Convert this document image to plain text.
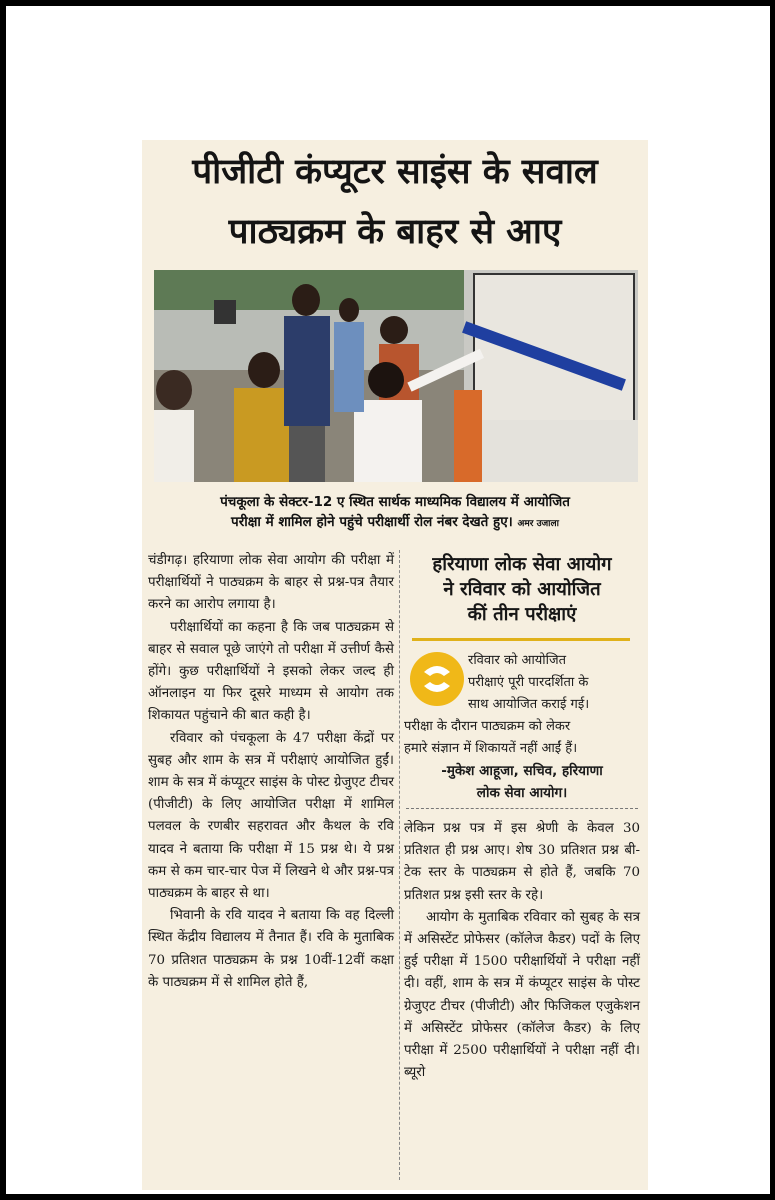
पीजीटी कंप्यूटर साइंस के सवाल
पाठ्यक्रम के बाहर से आए
पंचकूला के सेक्टर-12 ए स्थित सार्थक माध्यमिक विद्यालय में आयोजित
परीक्षा में शामिल होने पहुंचे परीक्षार्थी रोल नंबर देखते हुए। अमर उजाला

चंडीगढ़। हरियाणा लोक सेवा आयोग की परीक्षा में परीक्षार्थियों ने पाठ्यक्रम के बाहर से प्रश्न-पत्र तैयार करने का आरोप लगाया है।

परीक्षार्थियों का कहना है कि जब पाठ्यक्रम से बाहर से सवाल पूछे जाएंगे तो परीक्षा में उत्तीर्ण कैसे होंगे। कुछ परीक्षार्थियों ने इसको लेकर जल्द ही ऑनलाइन या फिर दूसरे माध्यम से आयोग तक शिकायत पहुंचाने की बात कही है।

रविवार को पंचकूला के 47 परीक्षा केंद्रों पर सुबह और शाम के सत्र में परीक्षाएं आयोजित हुईं। शाम के सत्र में कंप्यूटर साइंस के पोस्ट ग्रेजुएट टीचर (पीजीटी) के लिए आयोजित परीक्षा में शामिल पलवल के रणबीर सहरावत और कैथल के रवि यादव ने बताया कि परीक्षा में 15 प्रश्न थे। ये प्रश्न कम से कम चार-चार पेज में लिखने थे और प्रश्न-पत्र पाठ्यक्रम के बाहर से था।

भिवानी के रवि यादव ने बताया कि वह दिल्ली स्थित केंद्रीय विद्यालय में तैनात हैं। रवि के मुताबिक 70 प्रतिशत पाठ्यक्रम के प्रश्न 10वीं-12वीं कक्षा के पाठ्यक्रम में से शामिल होते हैं,

हरियाणा लोक सेवा आयोग
ने रविवार को आयोजित
कीं तीन परीक्षाएं
रविवार को आयोजित
परीक्षाएं पूरी पारदर्शिता के
साथ आयोजित कराई गई।
परीक्षा के दौरान पाठ्यक्रम को लेकर
हमारे संज्ञान में शिकायतें नहीं आईं हैं।
-मुकेश आहूजा, सचिव, हरियाणा
लोक सेवा आयोग।

लेकिन प्रश्न पत्र में इस श्रेणी के केवल 30 प्रतिशत ही प्रश्न आए। शेष 30 प्रतिशत प्रश्न बी-टेक स्तर के पाठ्यक्रम से होते हैं, जबकि 70 प्रतिशत प्रश्न इसी स्तर के रहे।

आयोग के मुताबिक रविवार को सुबह के सत्र में असिस्टेंट प्रोफेसर (कॉलेज कैडर) पदों के लिए हुई परीक्षा में 1500 परीक्षार्थियों ने परीक्षा नहीं दी। वहीं, शाम के सत्र में कंप्यूटर साइंस के पोस्ट ग्रेजुएट टीचर (पीजीटी) और फिजिकल एजुकेशन में असिस्टेंट प्रोफेसर (कॉलेज कैडर) के लिए परीक्षा में 2500 परीक्षार्थियों ने परीक्षा नहीं दी। ब्यूरो
